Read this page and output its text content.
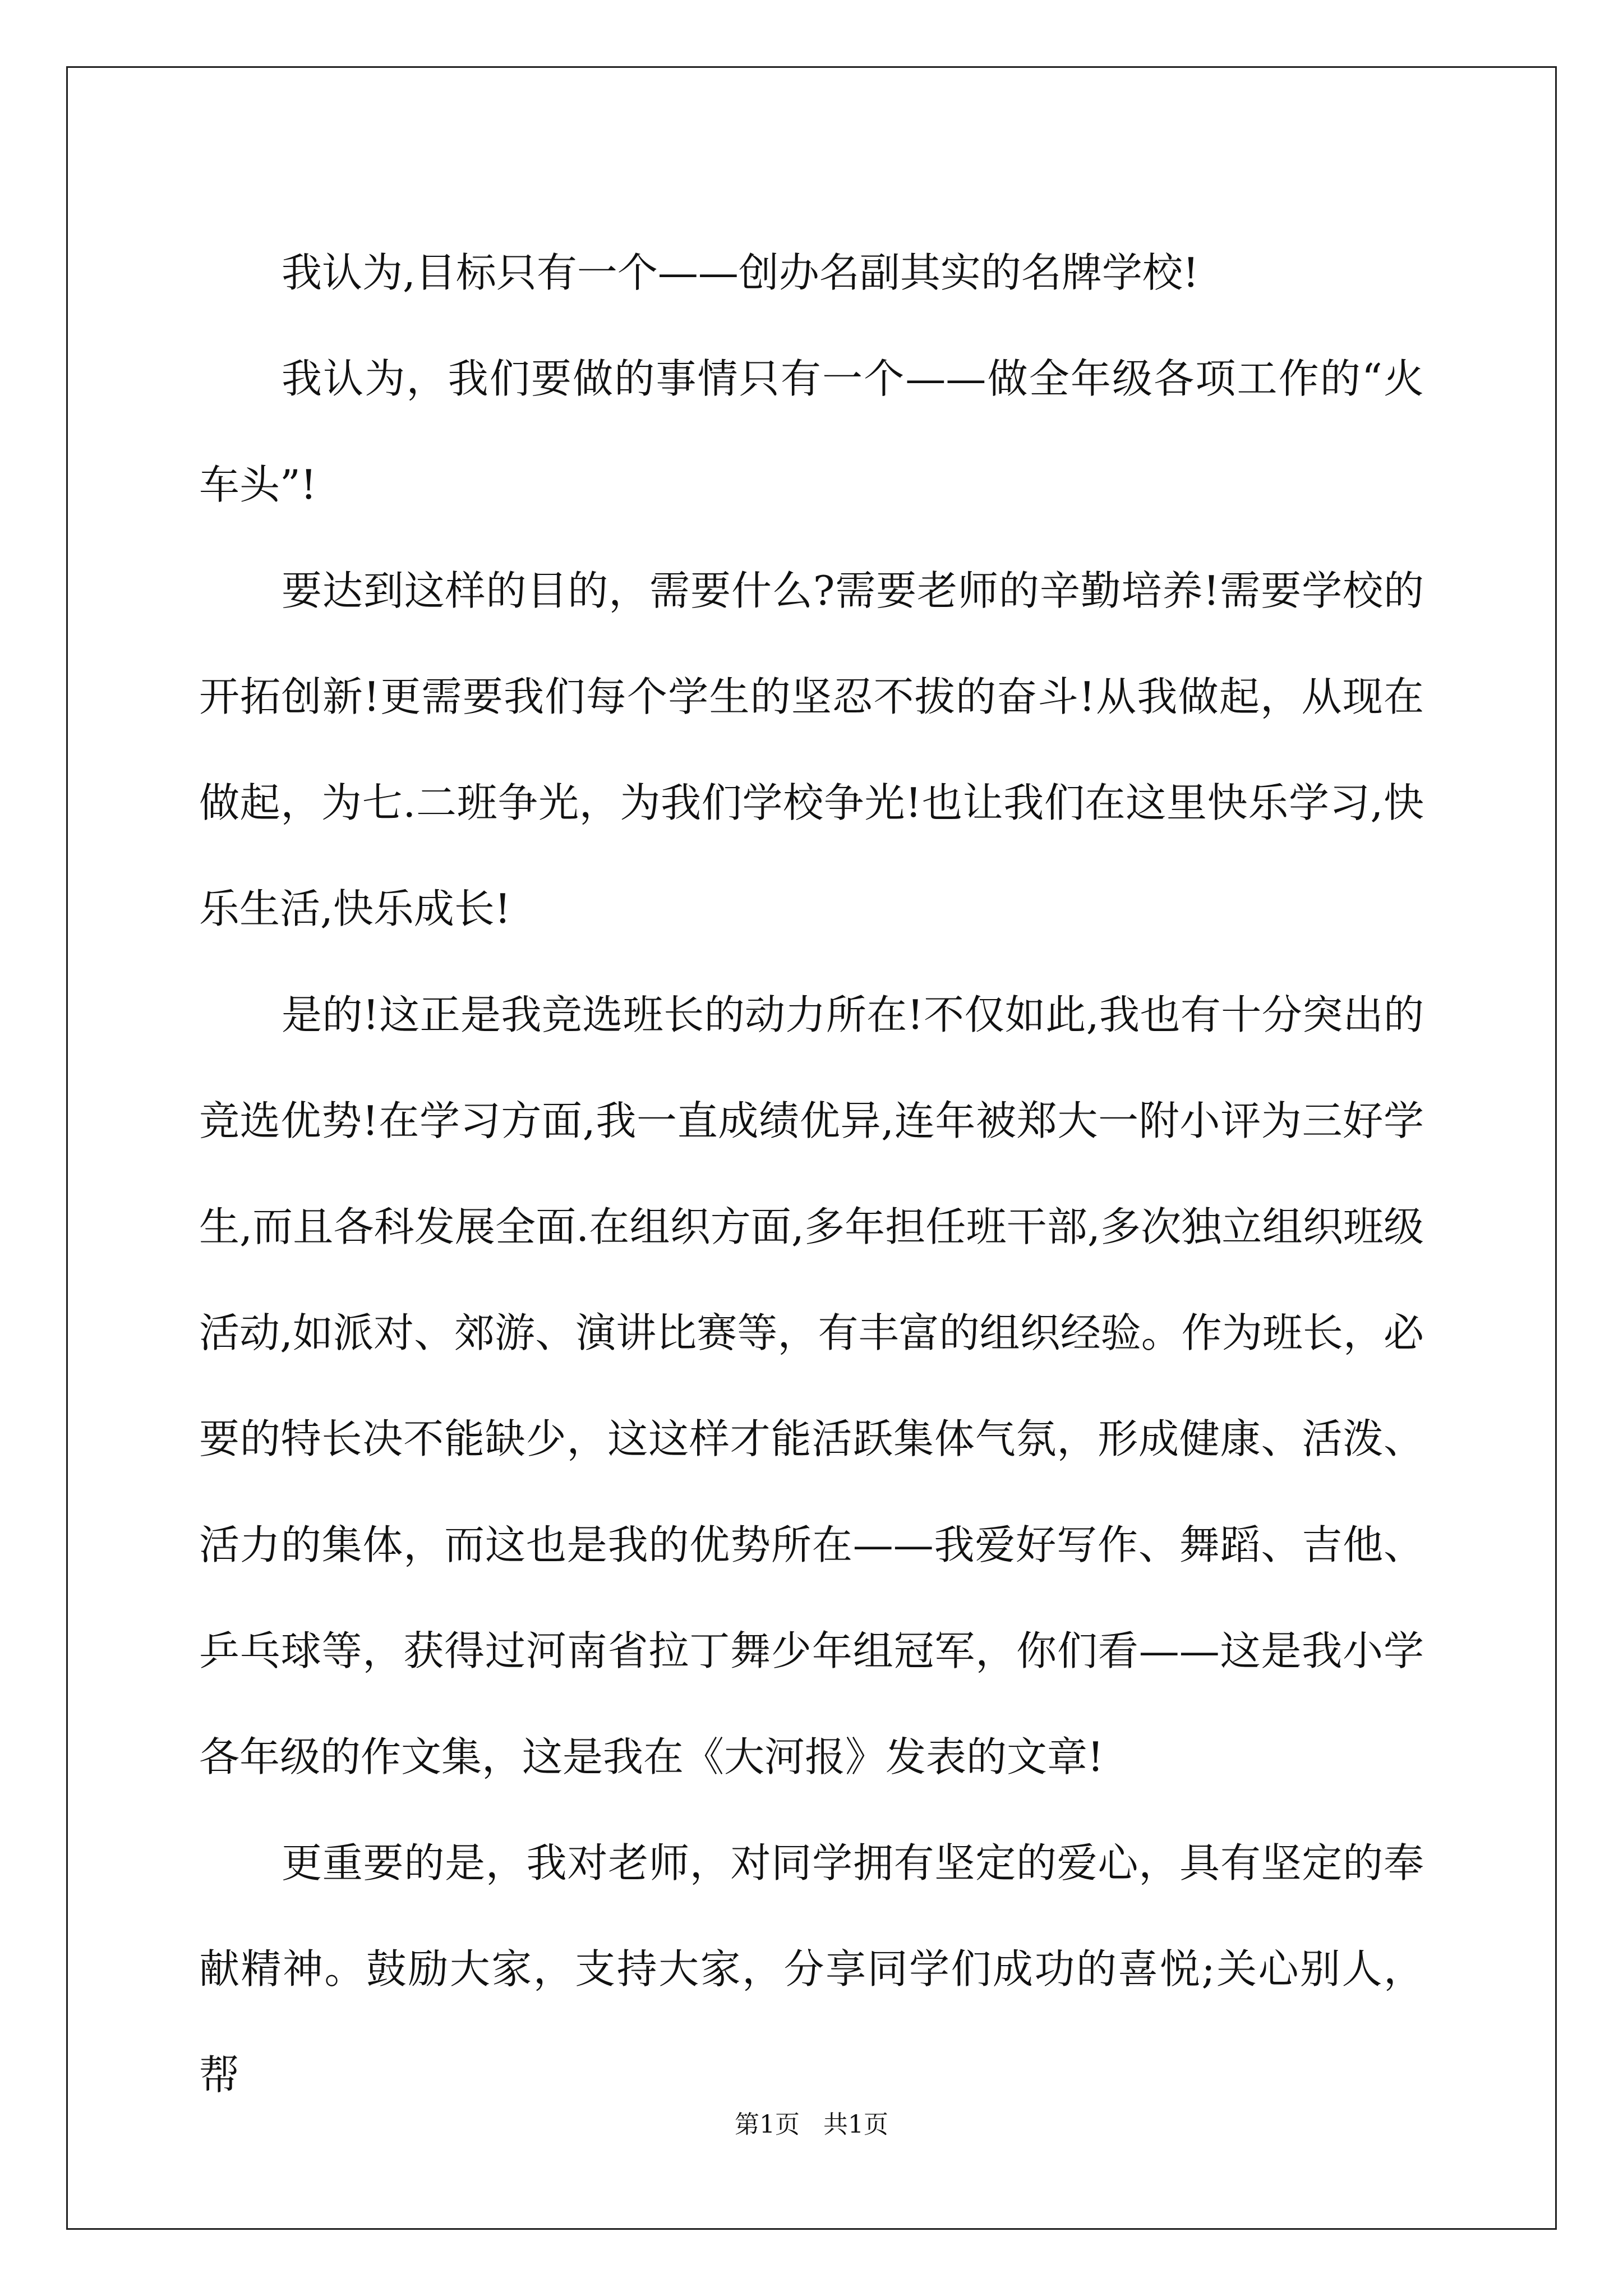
我认为,目标只有一个——创办名副其实的名牌学校!

我认为，我们要做的事情只有一个——做全年级各项工作的“火车头”!

要达到这样的目的，需要什么?需要老师的辛勤培养!需要学校的开拓创新!更需要我们每个学生的坚忍不拔的奋斗!从我做起，从现在做起，为七.二班争光，为我们学校争光!也让我们在这里快乐学习,快乐生活,快乐成长!

是的!这正是我竞选班长的动力所在!不仅如此,我也有十分突出的竞选优势!在学习方面,我一直成绩优异,连年被郑大一附小评为三好学生,而且各科发展全面.在组织方面,多年担任班干部,多次独立组织班级活动,如派对、郊游、演讲比赛等，有丰富的组织经验。作为班长，必要的特长决不能缺少，这这样才能活跃集体气氛，形成健康、活泼、活力的集体，而这也是我的优势所在——我爱好写作、舞蹈、吉他、乒乓球等，获得过河南省拉丁舞少年组冠军，你们看——这是我小学各年级的作文集，这是我在《大河报》发表的文章!

更重要的是，我对老师，对同学拥有坚定的爱心，具有坚定的奉献精神。鼓励大家，支持大家，分享同学们成功的喜悦;关心别人，帮

第1页 共1页
